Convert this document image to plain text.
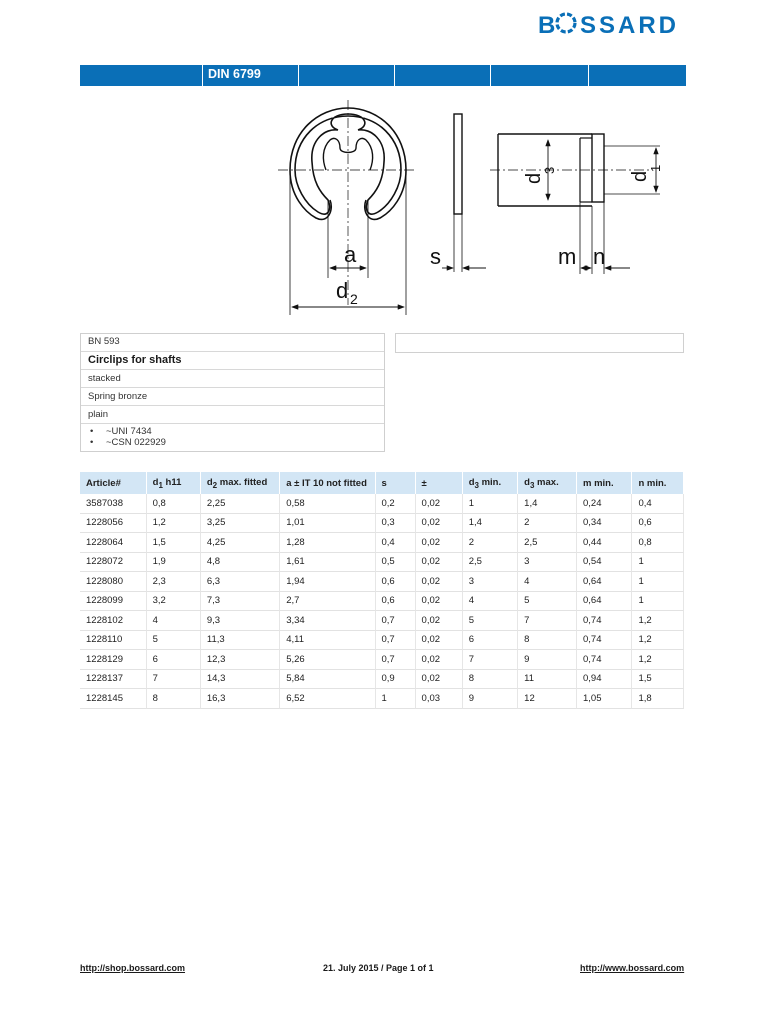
B SSARD
DIN 6799
a
d 2
s
d
3
d
1
m n
BN 593
Circlips for shafts
stacked
Spring bronze
plain
• ~UNI 7434
• ~CSN 022929
Article#	$d_1$ h11	$d_2$ max. fitted	a ± IT 10 not fitted	s	±	$d_3$ min.	$d_3$ max.	m min.	n min.
3587038	0,8	2,25	0,58	0,2	0,02	1	1,4	0,24	0,4
1228056	1,2	3,25	1,01	0,3	0,02	1,4	2	0,34	0,6
1228064	1,5	4,25	1,28	0,4	0,02	2	2,5	0,44	0,8
1228072	1,9	4,8	1,61	0,5	0,02	2,5	3	0,54	1
1228080	2,3	6,3	1,94	0,6	0,02	3	4	0,64	1
1228099	3,2	7,3	2,7	0,6	0,02	4	5	0,64	1
1228102	4	9,3	3,34	0,7	0,02	5	7	0,74	1,2
1228110	5	11,3	4,11	0,7	0,02	6	8	0,74	1,2
1228129	6	12,3	5,26	0,7	0,02	7	9	0,74	1,2
1228137	7	14,3	5,84	0,9	0,02	8	11	0,94	1,5
1228145	8	16,3	6,52	1	0,03	9	12	1,05	1,8
http://shop.bossard.com	21. July 2015 / Page 1 of 1	http://www.bossard.com
